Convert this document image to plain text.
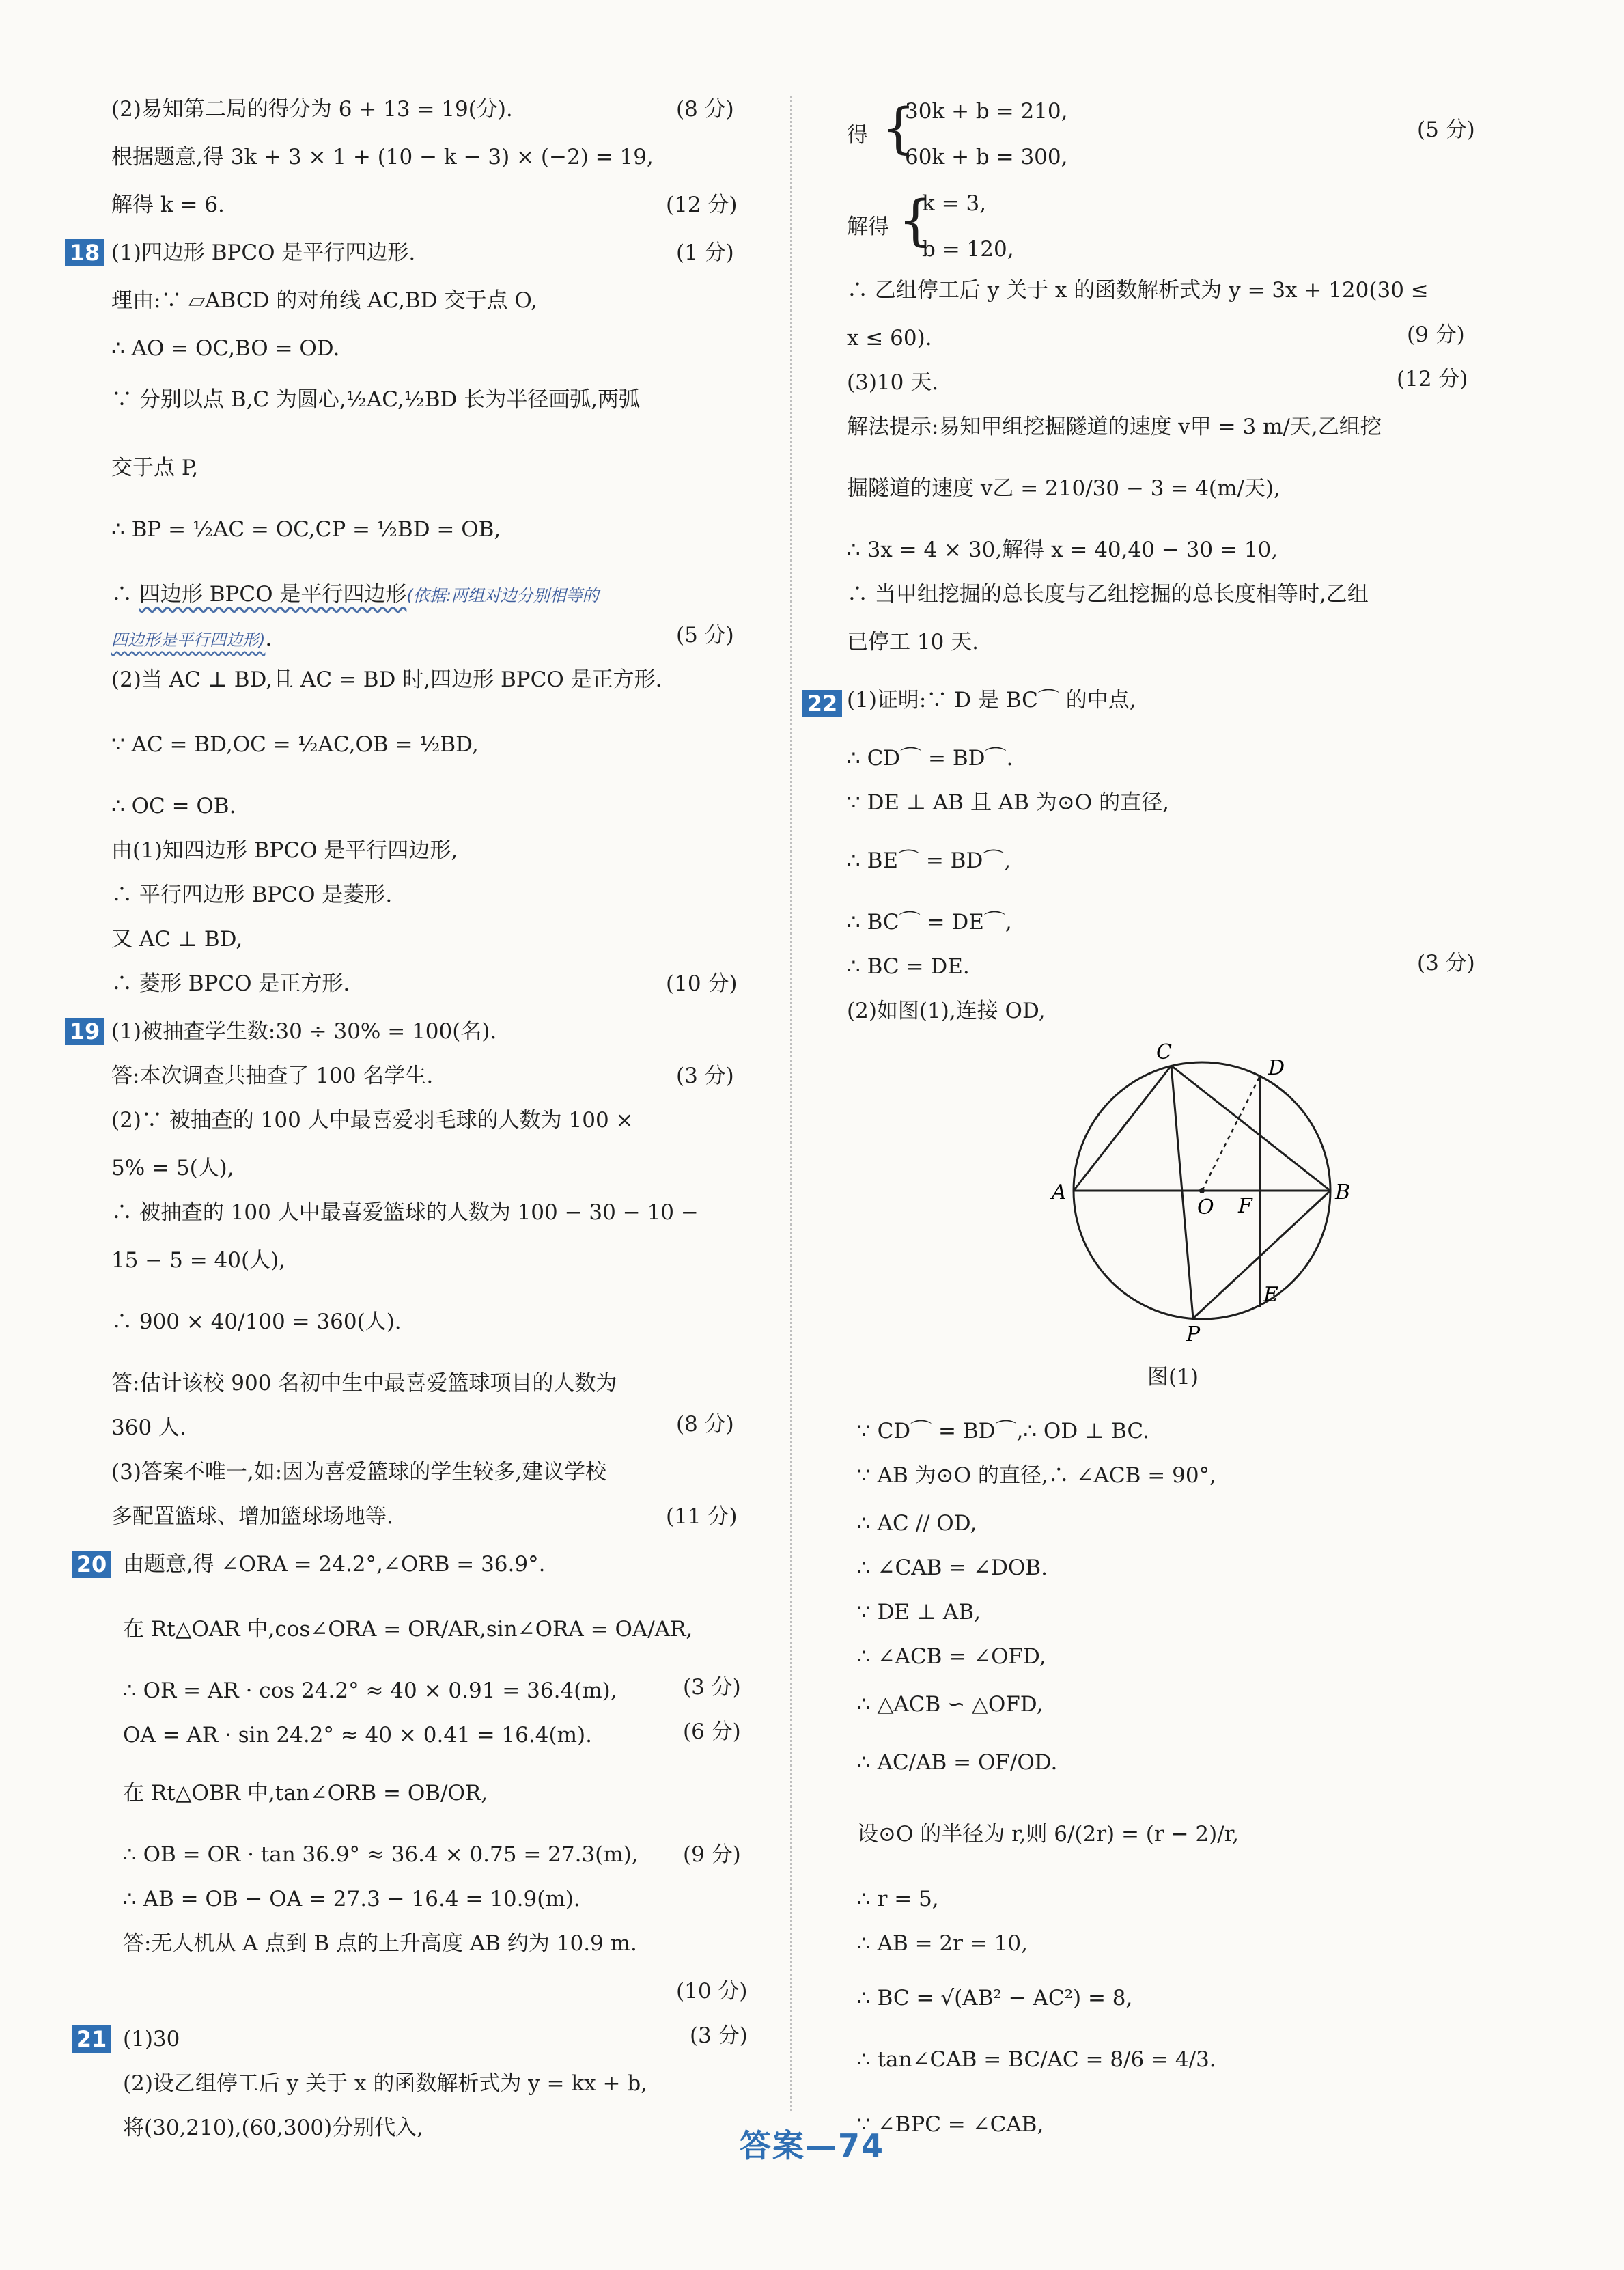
(2)易知第二局的得分为 6 + 13 = 19(分).	(8 分)
根据题意,得 3k + 3 × 1 + (10 − k − 3) × (−2) = 19,
解得 k = 6.	(12 分)
18 (1)四边形 BPCO 是平行四边形.	(1 分)
理由:∵ ▱ABCD 的对角线 AC,BD 交于点 O,
∴ AO = OC,BO = OD.
∵ 分别以点 B,C 为圆心,½AC,½BD 长为半径画弧,两弧
交于点 P,
∴ BP = ½AC = OC,CP = ½BD = OB,
∴ 四边形 BPCO 是平行四边形(依据:两组对边分别相等的
四边形是平行四边形).	(5 分)
(2)当 AC ⊥ BD,且 AC = BD 时,四边形 BPCO 是正方形.
∵ AC = BD,OC = ½AC,OB = ½BD,
∴ OC = OB.
由(1)知四边形 BPCO 是平行四边形,
∴ 平行四边形 BPCO 是菱形.
又 AC ⊥ BD,
∴ 菱形 BPCO 是正方形.	(10 分)
19 (1)被抽查学生数:30 ÷ 30% = 100(名).
答:本次调查共抽查了 100 名学生.	(3 分)
(2)∵ 被抽查的 100 人中最喜爱羽毛球的人数为 100 ×
5% = 5(人),
∴ 被抽查的 100 人中最喜爱篮球的人数为 100 − 30 − 10 −
15 − 5 = 40(人),
∴ 900 × 40/100 = 360(人).
答:估计该校 900 名初中生中最喜爱篮球项目的人数为
360 人.	(8 分)
(3)答案不唯一,如:因为喜爱篮球的学生较多,建议学校
多配置篮球、增加篮球场地等.	(11 分)
20 由题意,得 ∠ORA = 24.2°,∠ORB = 36.9°.
在 Rt△OAR 中,cos∠ORA = OR/AR,sin∠ORA = OA/AR,
∴ OR = AR · cos 24.2° ≈ 40 × 0.91 = 36.4(m),	(3 分)
OA = AR · sin 24.2° ≈ 40 × 0.41 = 16.4(m).	(6 分)
在 Rt△OBR 中,tan∠ORB = OB/OR,
∴ OB = OR · tan 36.9° ≈ 36.4 × 0.75 = 27.3(m), (9 分)
∴ AB = OB − OA = 27.3 − 16.4 = 10.9(m).
答:无人机从 A 点到 B 点的上升高度 AB 约为 10.9 m.
(10 分)
21 (1)30	(3 分)
(2)设乙组停工后 y 关于 x 的函数解析式为 y = kx + b,
将(30,210),(60,300)分别代入,
得 {
30k + b = 210,
60k + b = 300,
解得 {
k = 3,
b = 120,
∴ 乙组停工后 y 关于 x 的函数解析式为 y = 3x + 120(30 ≤
x ≤ 60).
(3)10 天.
解法提示:易知甲组挖掘隧道的速度 v甲 = 3 m/天,乙组挖
掘隧道的速度 v乙 = 210/30 − 3 = 4(m/天),
∴ 3x = 4 × 30,解得 x = 40,40 − 30 = 10,
∴ 当甲组挖掘的总长度与乙组挖掘的总长度相等时,乙组
已停工 10 天.
22 (1)证明:∵ D 是 BC⌒ 的中点,
∴ CD⌒ = BD⌒.
∵ DE ⊥ AB 且 AB 为⊙O 的直径,
∴ BE⌒ = BD⌒,
∴ BC⌒ = DE⌒,
∴ BC = DE.
(2)如图(1),连接 OD,
C
D
A
O F
B
E
P
图(1)
∵ CD⌒ = BD⌒,∴ OD ⊥ BC.
∵ AB 为⊙O 的直径,∴ ∠ACB = 90°,
∴ AC // OD,
∴ ∠CAB = ∠DOB.
∵ DE ⊥ AB,
∴ ∠ACB = ∠OFD,
∴ △ACB ∽ △OFD,
∴ AC/AB = OF/OD.
设⊙O 的半径为 r,则 6/(2r) = (r − 2)/r,
∴ r = 5,
∴ AB = 2r = 10,
∴ BC = √(AB² − AC²) = 8,
∴ tan∠CAB = BC/AC = 8/6 = 4/3.
∵ ∠BPC = ∠CAB,
(5 分)
(9 分)
(12 分)
(3 分)
答案—74
